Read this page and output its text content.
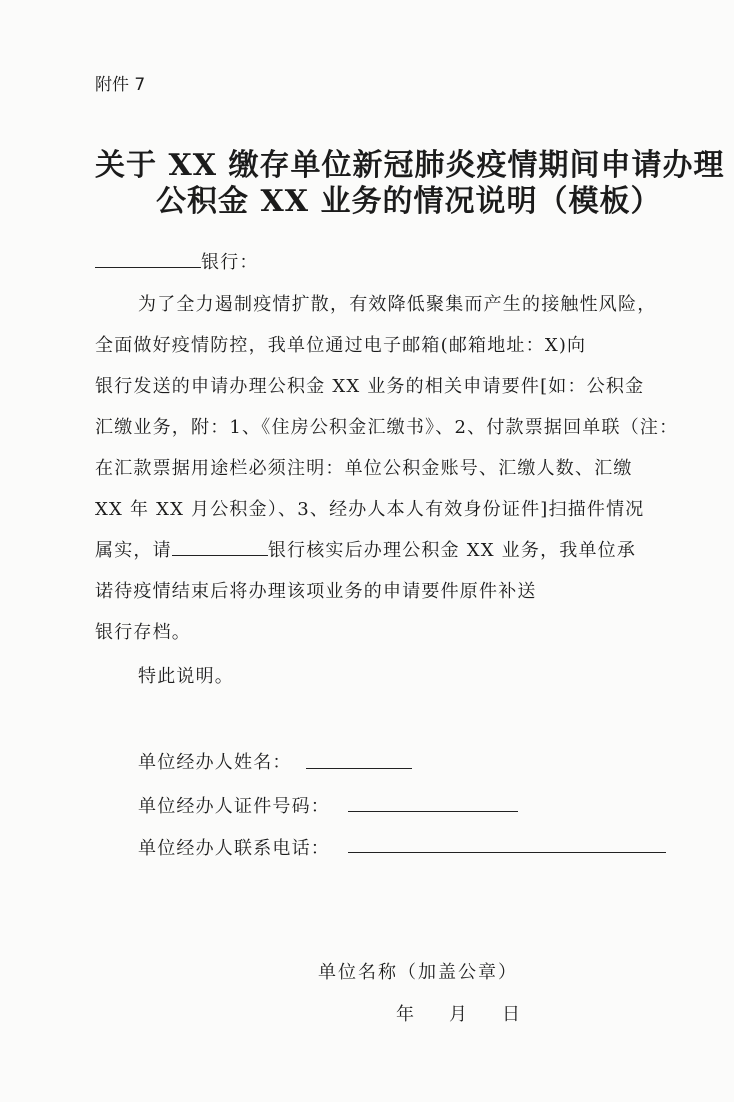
附件 7
关于 XX 缴存单位新冠肺炎疫情期间申请办理
公积金 XX 业务的情况说明（模板）
银行：
为了全力遏制疫情扩散，有效降低聚集而产生的接触性风险，
全面做好疫情防控，我单位通过电子邮箱(邮箱地址：X)向
银行发送的申请办理公积金 XX 业务的相关申请要件[如：公积金
汇缴业务，附：1、《住房公积金汇缴书》、2、付款票据回单联（注：
在汇款票据用途栏必须注明：单位公积金账号、汇缴人数、汇缴
XX 年 XX 月公积金）、3、经办人本人有效身份证件]扫描件情况
属实，请	银行核实后办理公积金 XX 业务，我单位承
诺待疫情结束后将办理该项业务的申请要件原件补送
银行存档。
特此说明。
单位经办人姓名：
单位经办人证件号码：
单位经办人联系电话：
单位名称（加盖公章）
年 月 日
